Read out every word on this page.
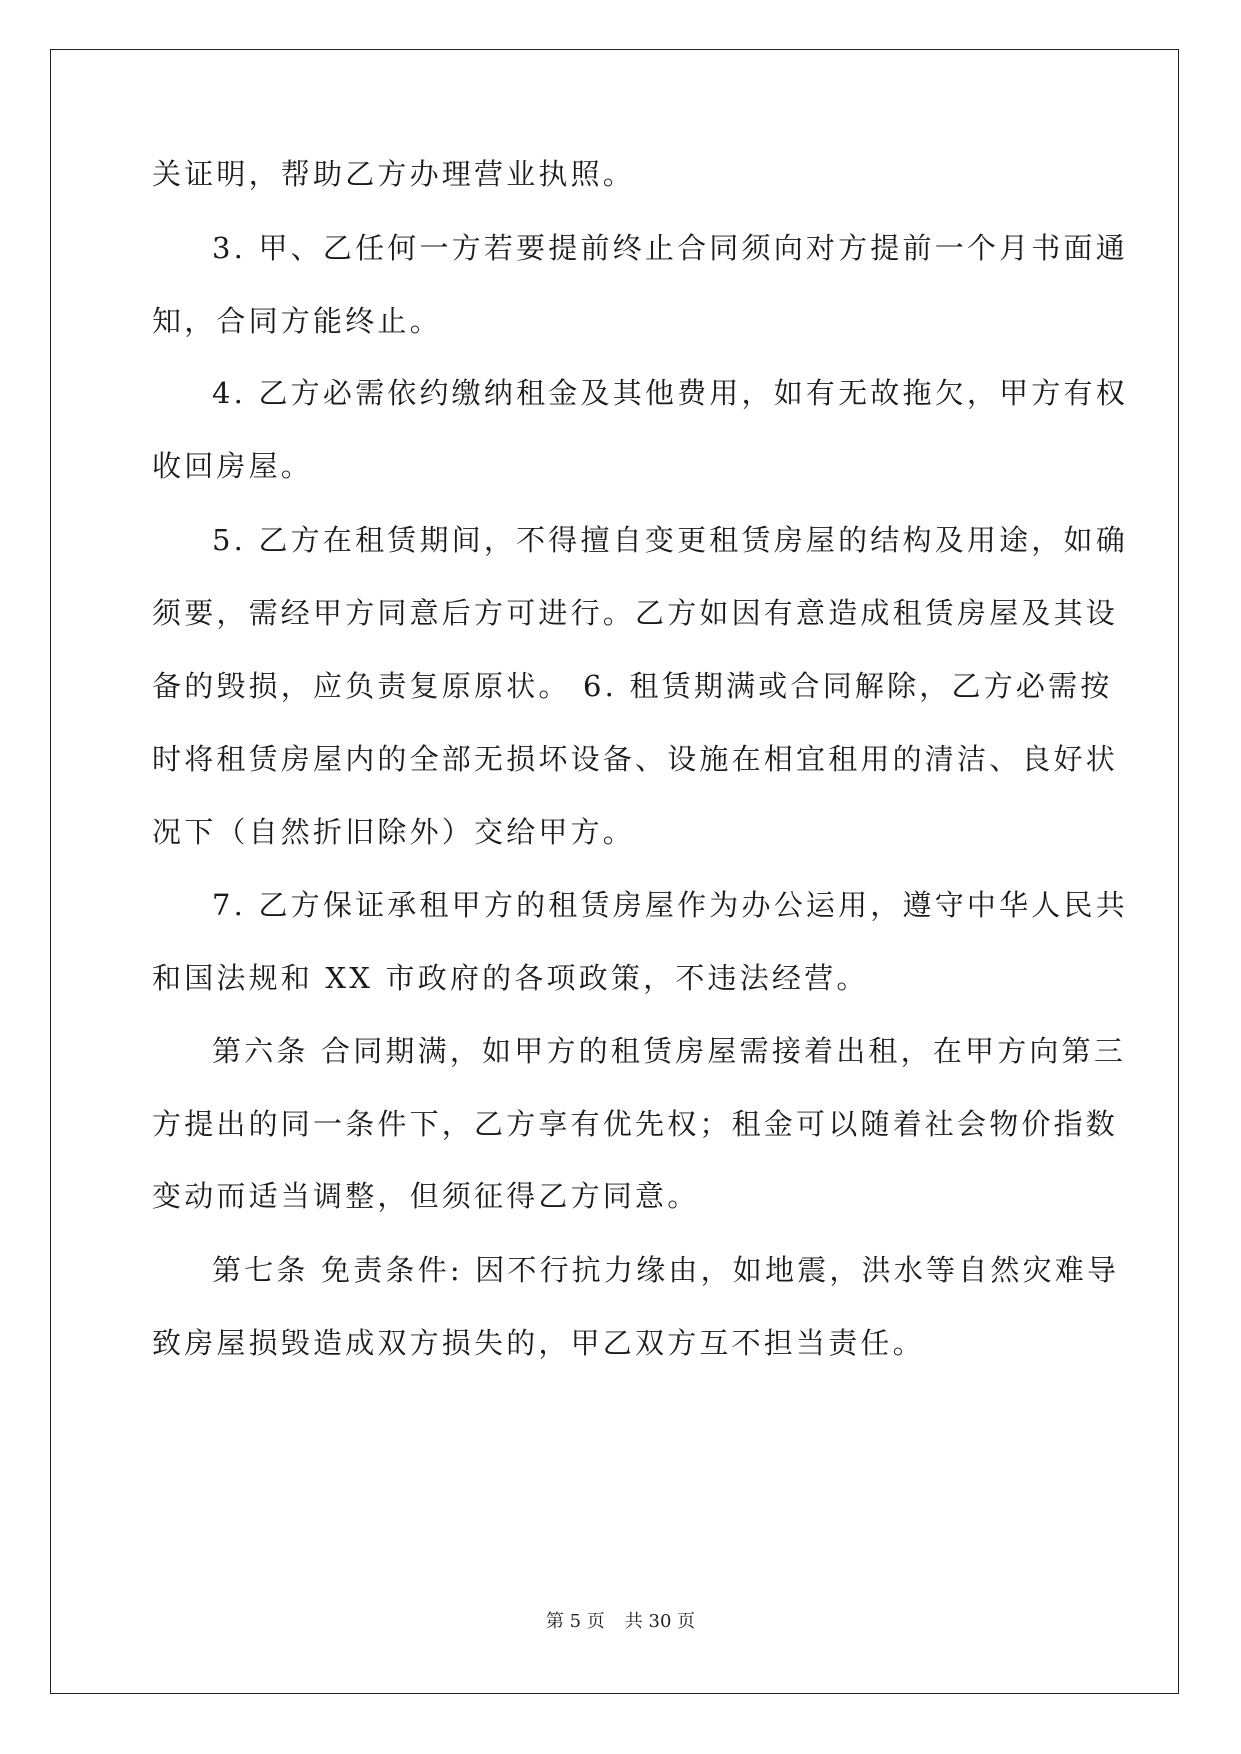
关证明，帮助乙方办理营业执照。
3. 甲、乙任何一方若要提前终止合同须向对方提前一个月书面通
知，合同方能终止。
4. 乙方必需依约缴纳租金及其他费用，如有无故拖欠，甲方有权
收回房屋。
5. 乙方在租赁期间，不得擅自变更租赁房屋的结构及用途，如确
须要，需经甲方同意后方可进行。乙方如因有意造成租赁房屋及其设
备的毁损，应负责复原原状。 6. 租赁期满或合同解除，乙方必需按
时将租赁房屋内的全部无损坏设备、设施在相宜租用的清洁、良好状
况下（自然折旧除外）交给甲方。
7. 乙方保证承租甲方的租赁房屋作为办公运用，遵守中华人民共
和国法规和 XX 市政府的各项政策，不违法经营。
第六条 合同期满，如甲方的租赁房屋需接着出租，在甲方向第三
方提出的同一条件下，乙方享有优先权；租金可以随着社会物价指数
变动而适当调整，但须征得乙方同意。
第七条 免责条件: 因不行抗力缘由，如地震，洪水等自然灾难导
致房屋损毁造成双方损失的，甲乙双方互不担当责任。
第 5 页 共 30 页
